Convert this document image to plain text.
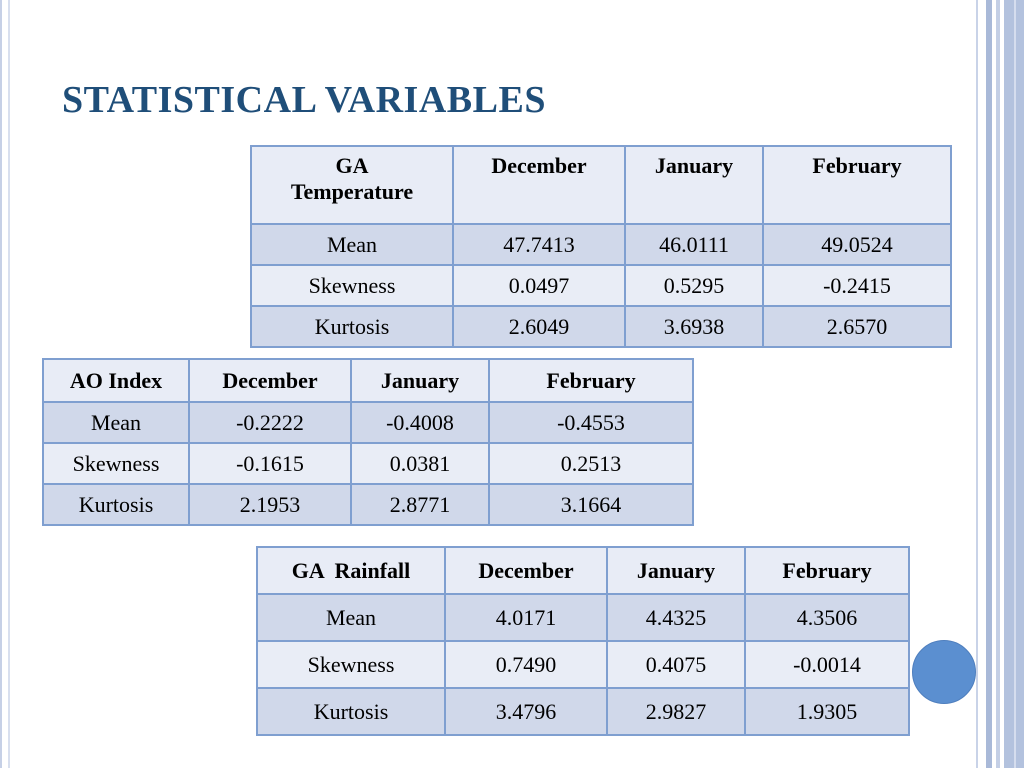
STATISTICAL VARIABLES
GA
Temperature	December	January	February
Mean	47.7413	46.0111	49.0524
Skewness	0.0497	0.5295	-0.2415
Kurtosis	2.6049	3.6938	2.6570
AO Index	December	January	February
Mean	-0.2222	-0.4008	-0.4553
Skewness	-0.1615	0.0381	0.2513
Kurtosis	2.1953	2.8771	3.1664
GA  Rainfall	December	January	February
Mean	4.0171	4.4325	4.3506
Skewness	0.7490	0.4075	-0.0014
Kurtosis	3.4796	2.9827	1.9305
